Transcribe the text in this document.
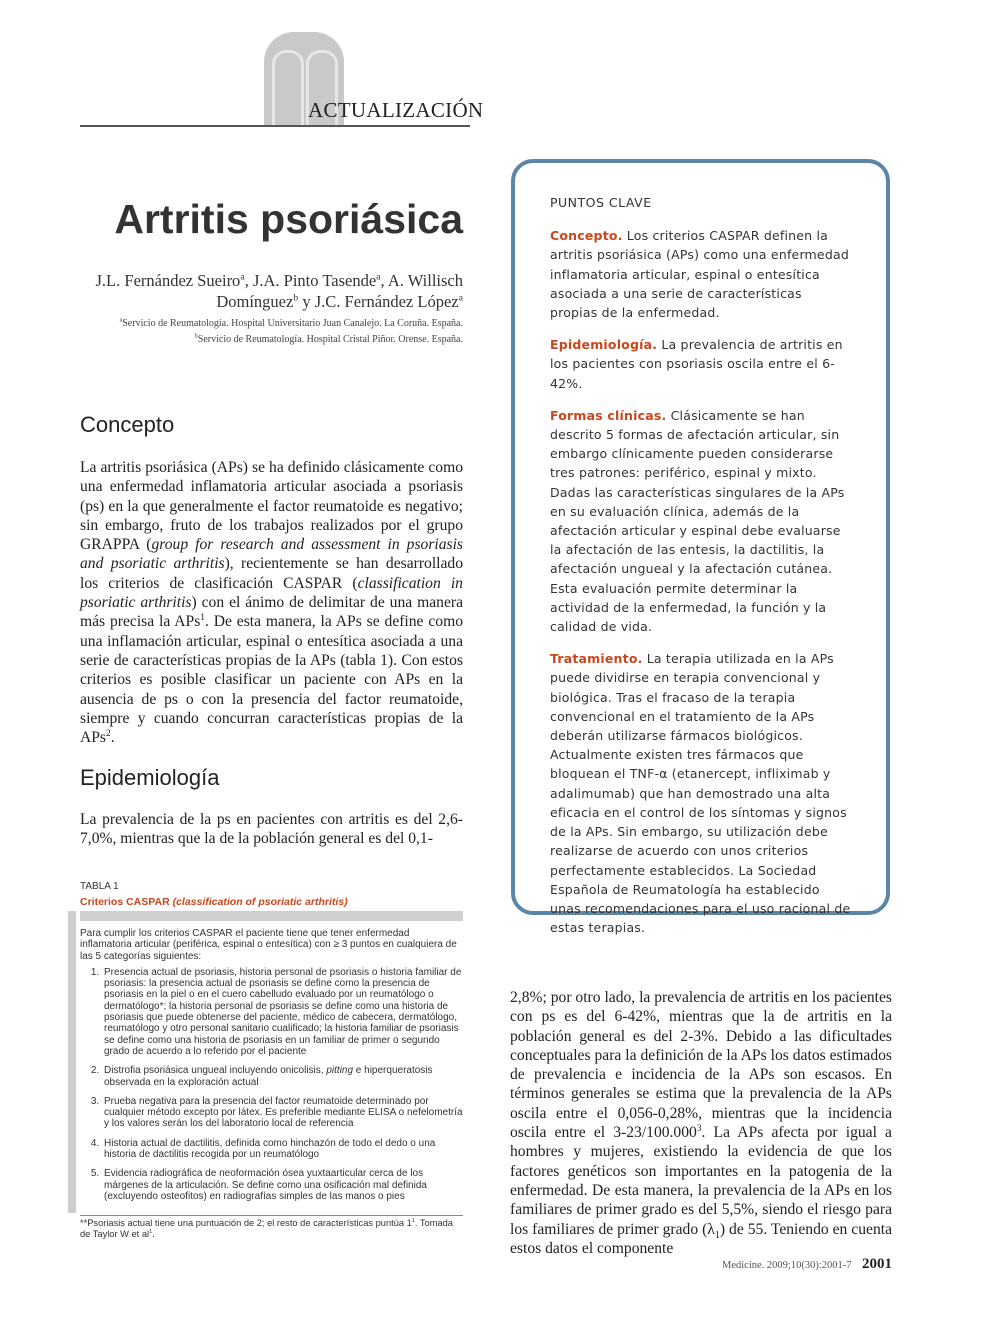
ACTUALIZACIÓN
Artritis psoriásica
J.L. Fernández Sueiro$^a$, J.A. Pinto Tasende$^a$, A. Willisch
Domínguez$^b$ y J.C. Fernández López$^a$
$^a$Servicio de Reumatología. Hospital Universitario Juan Canalejo. La Coruña. España.
$^b$Servicio de Reumatología. Hospital Cristal Piñor. Orense. España.
Concepto

La artritis psoriásica (APs) se ha definido clásicamente como una enfermedad inflamatoria articular asociada a psoriasis (ps) en la que generalmente el factor reumatoide es negativo; sin embargo, fruto de los trabajos realizados por el grupo GRAPPA (group for research and assessment in psoriasis and psoriatic arthritis), recientemente se han desarrollado los criterios de clasificación CASPAR (classification in psoriatic arthritis) con el ánimo de delimitar de una manera más precisa la APs$^1$. De esta manera, la APs se define como una inflamación articular, espinal o entesítica asociada a una serie de características propias de la APs (tabla 1). Con estos criterios es posible clasificar un paciente con APs en la ausencia de ps o con la presencia del factor reumatoide, siempre y cuando concurran características propias de la APs$^2$.

Epidemiología

La prevalencia de la ps en pacientes con artritis es del 2,6-7,0%, mientras que la de la población general es del 0,1-

2,8%; por otro lado, la prevalencia de artritis en los pacientes con ps es del 6-42%, mientras que la de artritis en la población general es del 2-3%. Debido a las dificultades conceptuales para la definición de la APs los datos estimados de prevalencia e incidencia de la APs son escasos. En términos generales se estima que la prevalencia de la APs oscila entre el 0,056-0,28%, mientras que la incidencia oscila entre el 3-23/100.000$^3$. La APs afecta por igual a hombres y mujeres, existiendo la evidencia de que los factores genéticos son importantes en la patogenia de la enfermedad. De esta manera, la prevalencia de la APs en los familiares de primer grado es del 5,5%, siendo el riesgo para los familiares de primer grado $(\lambda_1)$ de 55. Teniendo en cuenta estos datos el componente

PUNTOS CLAVE

Concepto. Los criterios CASPAR definen la artritis psoriásica (APs) como una enfermedad inflamatoria articular, espinal o entesítica asociada a una serie de características propias de la enfermedad.

Epidemiología. La prevalencia de artritis en los pacientes con psoriasis oscila entre el 6-42%.

Formas clínicas. Clásicamente se han descrito 5 formas de afectación articular, sin embargo clínicamente pueden considerarse tres patrones: periférico, espinal y mixto. Dadas las características singulares de la APs en su evaluación clínica, además de la afectación articular y espinal debe evaluarse la afectación de las entesis, la dactilitis, la afectación ungueal y la afectación cutánea. Esta evaluación permite determinar la actividad de la enfermedad, la función y la calidad de vida.

Tratamiento. La terapia utilizada en la APs puede dividirse en terapia convencional y biológica. Tras el fracaso de la terapia convencional en el tratamiento de la APs deberán utilizarse fármacos biológicos. Actualmente existen tres fármacos que bloquean el TNF-α (etanercept, infliximab y adalimumab) que han demostrado una alta eficacia en el control de los síntomas y signos de la APs. Sin embargo, su utilización debe realizarse de acuerdo con unos criterios perfectamente establecidos. La Sociedad Española de Reumatología ha establecido unas recomendaciones para el uso racional de estas terapias.

TABLA 1
Criterios CASPAR (classification of psoriatic arthritis)

Para cumplir los criterios CASPAR el paciente tiene que tener enfermedad inflamatoria articular (periférica, espinal o entesítica) con ≥ 3 puntos en cualquiera de las 5 categorías siguientes:

1. Presencia actual de psoriasis, historia personal de psoriasis o historia familiar de psoriasis: la presencia actual de psoriasis se define como la presencia de psoriasis en la piel o en el cuero cabelludo evaluado por un reumatólogo o dermatólogo*; la historia personal de psoriasis se define como una historia de psoriasis que puede obtenerse del paciente, médico de cabecera, dermatólogo, reumatólogo y otro personal sanitario cualificado; la historia familiar de psoriasis se define como una historia de psoriasis en un familiar de primer o segundo grado de acuerdo a lo referido por el paciente
2. Distrofia psoriásica ungueal incluyendo onicolisis, pitting e hiperqueratosis observada en la exploración actual
3. Prueba negativa para la presencia del factor reumatoide determinado por cualquier método excepto por látex. Es preferible mediante ELISA o nefelometría y los valores serán los del laboratorio local de referencia
4. Historia actual de dactilitis, definida como hinchazón de todo el dedo o una historia de dactilitis recogida por un reumatólogo
5. Evidencia radiográfica de neoformación ósea yuxtaarticular cerca de los márgenes de la articulación. Se define como una osificación mal definida (excluyendo osteofitos) en radiografías simples de las manos o pies
**Psoriasis actual tiene una puntuación de 2; el resto de características puntúa $1^1$. Tomada de Taylor W et $al^1$.
Medicine. 2009;10(30):2001-7 2001
